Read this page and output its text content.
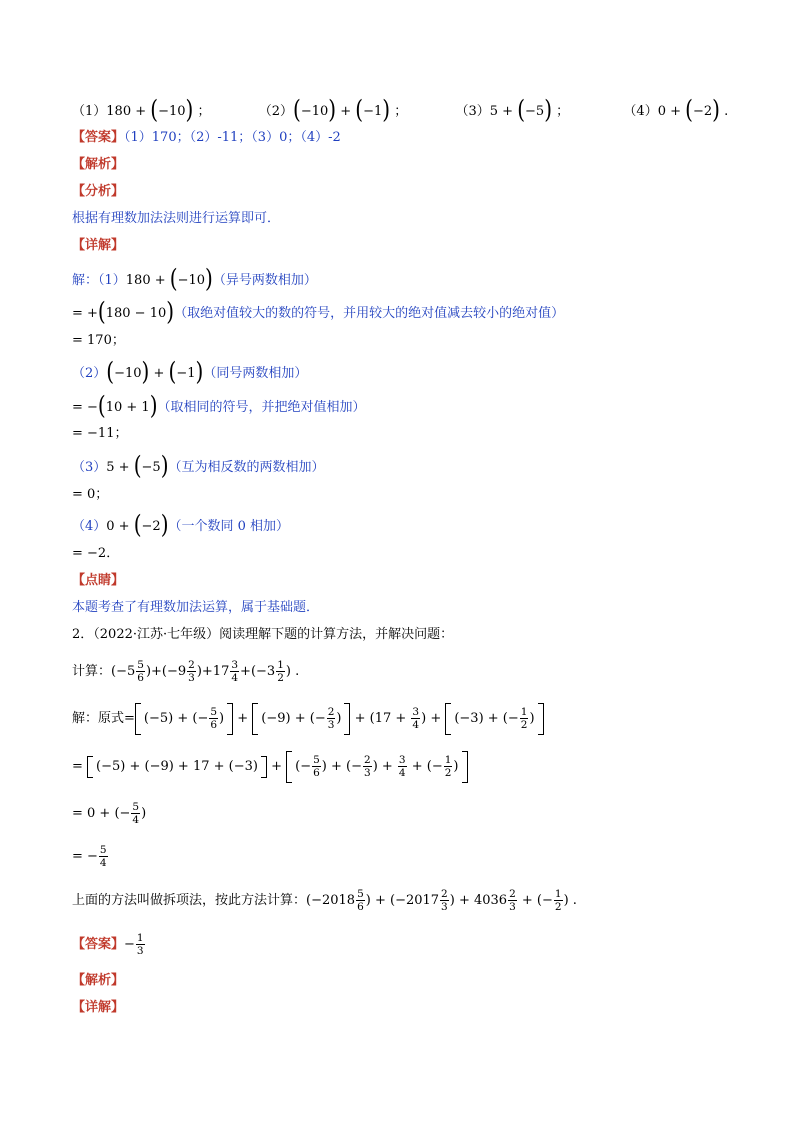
（1）180 + (−10) ；	（2）(−10) + (−1) ；	（3）5 + (−5) ；	（4）0 + (−2) .
【答案】（1）170；（2）-11；（3）0；（4）-2
【解析】
【分析】
根据有理数加法法则进行运算即可．
【详解】
解：（1）180 + (−10)（异号两数相加）
= +(180 − 10)（取绝对值较大的数的符号，并用较大的绝对值减去较小的绝对值）
= 170；
（2）(−10) + (−1)（同号两数相加）
= −(10 + 1)（取相同的符号，并把绝对值相加）
= −11；
（3）5 + (−5)（互为相反数的两数相加）
= 0；
（4）0 + (−2)（一个数同 0 相加）
= −2．
【点睛】
本题考查了有理数加法运算，属于基础题．
2．（2022·江苏·七年级）阅读理解下题的计算方法，并解决问题：
计算：$(-5 \frac{5}{6} )+(-9 \frac{2}{3} )+17 \frac{3}{4} +(-3 \frac{1}{2}$ ) .
解：原式= (−5) + (− $\frac{5}{6}$ ) + (−9) + (− $\frac{2}{3}$ ) + ($17 + \frac{3}{4}$ ) + (−3) + (− $\frac{1}{2}$ )
= (−5) + (−9) + 17 + (−3) + (− $\frac{5}{6}$ ) + (− $\frac{2}{3}$ ) + $\frac{3}{4}$ + (− $\frac{1}{2}$ )
= 0 + (− $\frac{5}{4}$ )
= − $\frac{5}{4}$
上面的方法叫做拆项法，按此方法计算：($-2018 \frac{5}{6}$ ) + ($-2017 \frac{2}{3}$ ) + $4036 \frac{2}{3}$ + (− $\frac{1}{2}$ ) .
【答案】− $\frac{1}{3}$
【解析】
【详解】
